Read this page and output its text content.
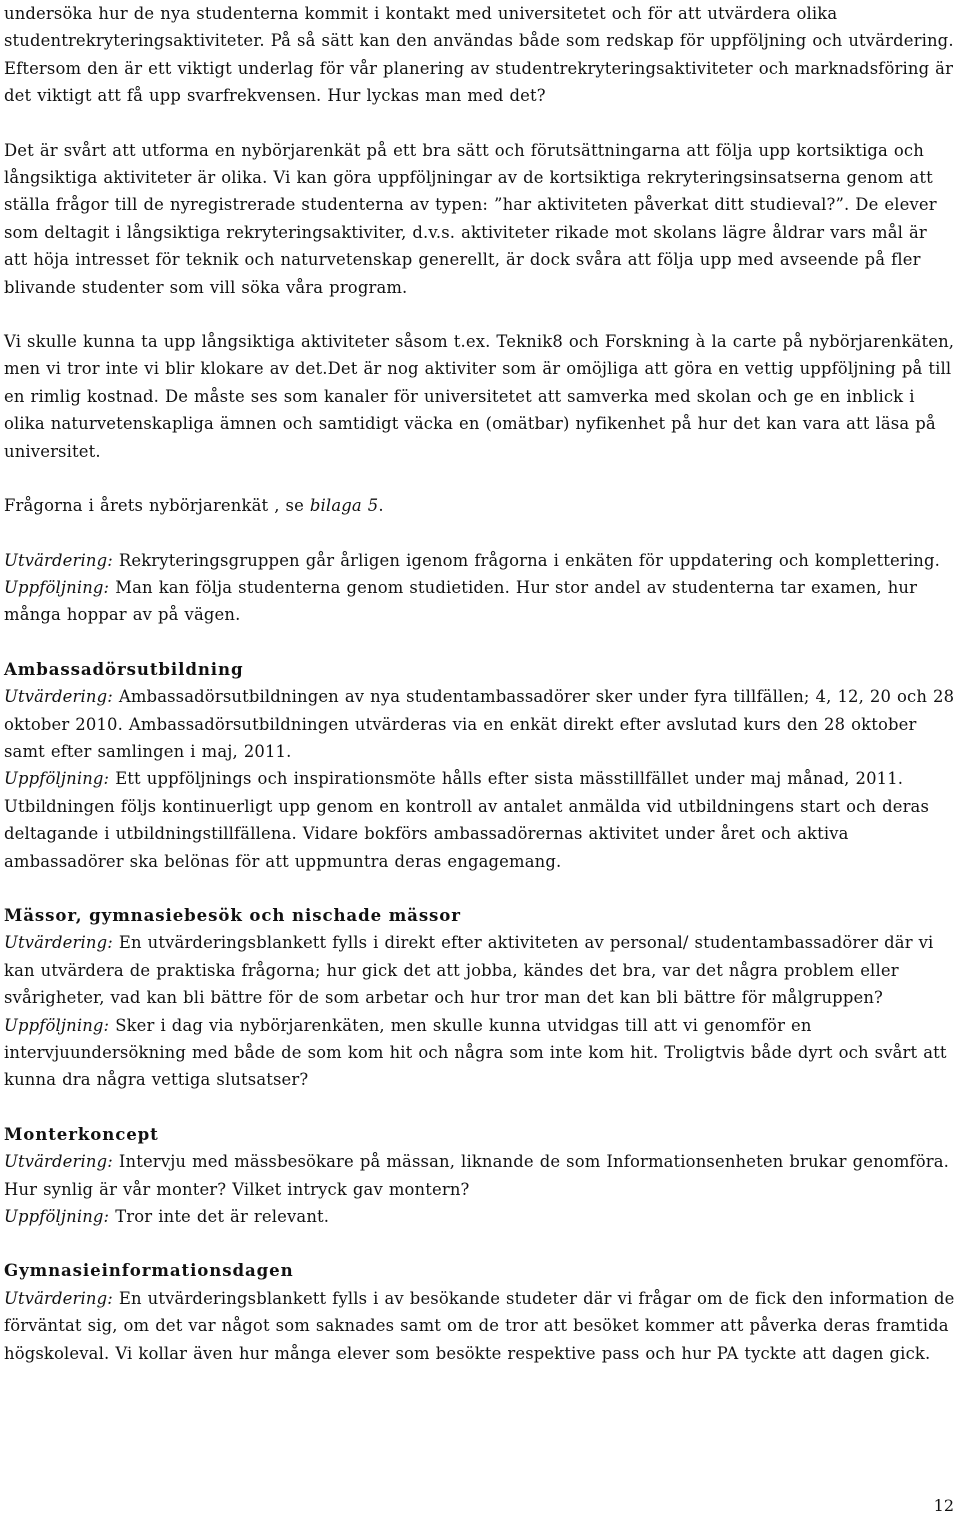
undersöka hur de nya studenterna kommit i kontakt med universitetet och för att utvärdera olika studentrekryteringsaktiviteter. På så sätt kan den användas både som redskap för uppföljning och utvärdering. Eftersom den är ett viktigt underlag för vår planering av studentrekryteringsaktiviteter och marknadsföring är det viktigt att få upp svarfrekvensen. Hur lyckas man med det?

Det är svårt att utforma en nybörjarenkät på ett bra sätt och förutsättningarna att följa upp kortsiktiga och långsiktiga aktiviteter är olika. Vi kan göra uppföljningar av de kortsiktiga rekryteringsinsatserna genom att ställa frågor till de nyregistrerade studenterna av typen: ”har aktiviteten påverkat ditt studieval?”. De elever som deltagit i långsiktiga rekryteringsaktiviter, d.v.s. aktiviteter rikade mot skolans lägre åldrar vars mål är att höja intresset för teknik och naturvetenskap generellt, är dock svåra att följa upp med avseende på fler blivande studenter som vill söka våra program.

Vi skulle kunna ta upp långsiktiga aktiviteter såsom t.ex. Teknik8 och Forskning à la carte på nybörjarenkäten, men vi tror inte vi blir klokare av det.Det är nog aktiviter som är omöjliga att göra en vettig uppföljning på till en rimlig kostnad. De måste ses som kanaler för universitetet att samverka med skolan och ge en inblick i olika naturvetenskapliga ämnen och samtidigt väcka en (omätbar) nyfikenhet på hur det kan vara att läsa på universitet.

Frågorna i årets nybörjarenkät , se bilaga 5.

Utvärdering: Rekryteringsgruppen går årligen igenom frågorna i enkäten för uppdatering och komplettering.

Uppföljning: Man kan följa studenterna genom studietiden. Hur stor andel av studenterna tar examen, hur många hoppar av på vägen.

Ambassadörsutbildning

Utvärdering: Ambassadörsutbildningen av nya studentambassadörer sker under fyra tillfällen; 4, 12, 20 och 28 oktober 2010. Ambassadörsutbildningen utvärderas via en enkät direkt efter avslutad kurs den 28 oktober samt efter samlingen i maj, 2011.

Uppföljning: Ett uppföljnings och inspirationsmöte hålls efter sista mässtillfället under maj månad, 2011. Utbildningen följs kontinuerligt upp genom en kontroll av antalet anmälda vid utbildningens start och deras deltagande i utbildningstillfällena. Vidare bokförs ambassadörernas aktivitet under året och aktiva ambassadörer ska belönas för att uppmuntra deras engagemang.

Mässor, gymnasiebesök och nischade mässor

Utvärdering: En utvärderingsblankett fylls i direkt efter aktiviteten av personal/ studentambassadörer där vi kan utvärdera de praktiska frågorna; hur gick det att jobba, kändes det bra, var det några problem eller svårigheter, vad kan bli bättre för de som arbetar och hur tror man det kan bli bättre för målgruppen?

Uppföljning: Sker i dag via nybörjarenkäten, men skulle kunna utvidgas till att vi genomför en intervjuundersökning med både de som kom hit och några som inte kom hit. Troligtvis både dyrt och svårt att kunna dra några vettiga slutsatser?

Monterkoncept

Utvärdering: Intervju med mässbesökare på mässan, liknande de som Informationsenheten brukar genomföra. Hur synlig är vår monter? Vilket intryck gav montern?

Uppföljning: Tror inte det är relevant.

Gymnasieinformationsdagen

Utvärdering: En utvärderingsblankett fylls i av besökande studeter där vi frågar om de fick den information de förväntat sig, om det var något som saknades samt om de tror att besöket kommer att påverka deras framtida högskoleval. Vi kollar även hur många elever som besökte respektive pass och hur PA tyckte att dagen gick.

12
